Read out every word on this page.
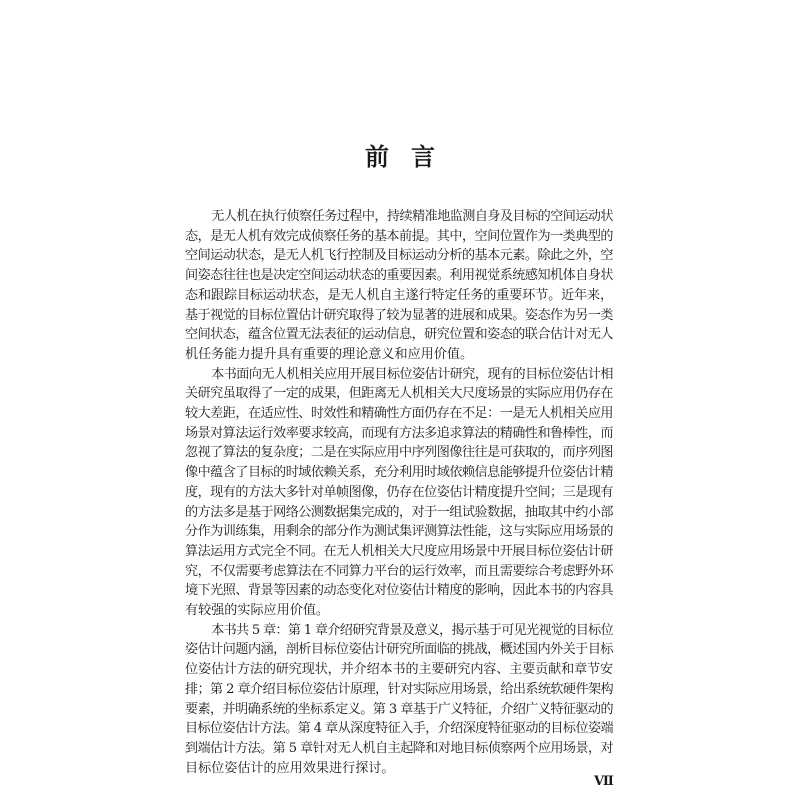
前言

无人机在执行侦察任务过程中，持续精准地监测自身及目标的空间运动状

态，是无人机有效完成侦察任务的基本前提。其中，空间位置作为一类典型的

空间运动状态，是无人机飞行控制及目标运动分析的基本元素。除此之外，空

间姿态往往也是决定空间运动状态的重要因素。利用视觉系统感知机体自身状

态和跟踪目标运动状态，是无人机自主遂行特定任务的重要环节。近年来，

基于视觉的目标位置估计研究取得了较为显著的进展和成果。姿态作为另一类

空间状态，蕴含位置无法表征的运动信息，研究位置和姿态的联合估计对无人

机任务能力提升具有重要的理论意义和应用价值。

本书面向无人机相关应用开展目标位姿估计研究，现有的目标位姿估计相

关研究虽取得了一定的成果，但距离无人机相关大尺度场景的实际应用仍存在

较大差距，在适应性、时效性和精确性方面仍存在不足：一是无人机相关应用

场景对算法运行效率要求较高，而现有方法多追求算法的精确性和鲁棒性，而

忽视了算法的复杂度；二是在实际应用中序列图像往往是可获取的，而序列图

像中蕴含了目标的时域依赖关系，充分利用时域依赖信息能够提升位姿估计精

度，现有的方法大多针对单帧图像，仍存在位姿估计精度提升空间；三是现有

的方法多是基于网络公测数据集完成的，对于一组试验数据，抽取其中约小部

分作为训练集，用剩余的部分作为测试集评测算法性能，这与实际应用场景的

算法运用方式完全不同。在无人机相关大尺度应用场景中开展目标位姿估计研

究，不仅需要考虑算法在不同算力平台的运行效率，而且需要综合考虑野外环

境下光照、背景等因素的动态变化对位姿估计精度的影响，因此本书的内容具

有较强的实际应用价值。

本书共 5 章：第 1 章介绍研究背景及意义，揭示基于可见光视觉的目标位

姿估计问题内涵，剖析目标位姿估计研究所面临的挑战，概述国内外关于目标

位姿估计方法的研究现状，并介绍本书的主要研究内容、主要贡献和章节安

排；第 2 章介绍目标位姿估计原理，针对实际应用场景，给出系统软硬件架构

要素，并明确系统的坐标系定义。第 3 章基于广义特征，介绍广义特征驱动的

目标位姿估计方法。第 4 章从深度特征入手，介绍深度特征驱动的目标位姿端

到端估计方法。第 5 章针对无人机自主起降和对地目标侦察两个应用场景，对

目标位姿估计的应用效果进行探讨。

Ⅶ
